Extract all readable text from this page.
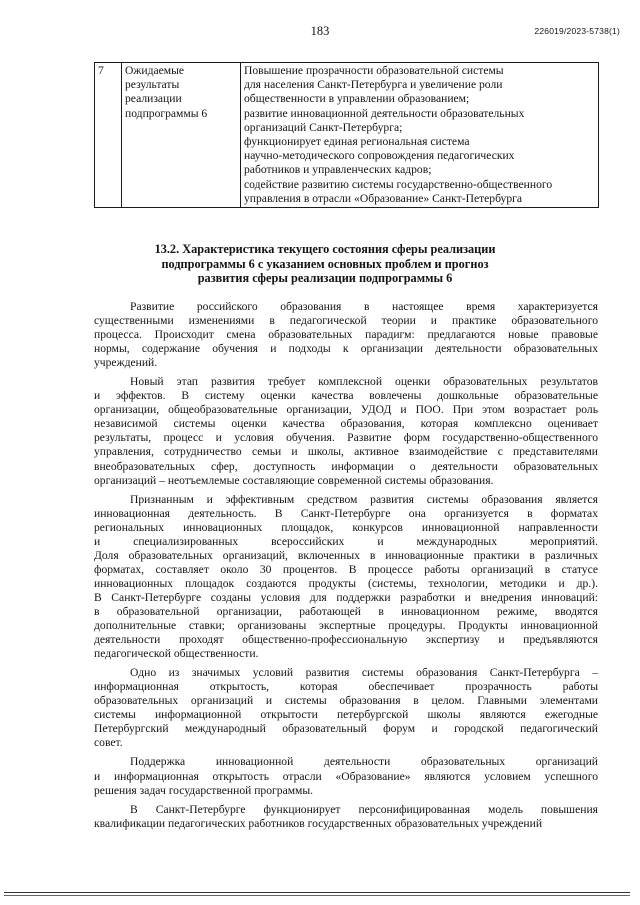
183	226019/2023-5738(1)
7	Ожидаемые
результаты
реализации
подпрограммы 6

Повышение прозрачности образовательной системы
для населения Санкт-Петербурга и увеличение роли
общественности в управлении образованием;
развитие инновационной деятельности образовательных
организаций Санкт-Петербурга;
функционирует единая региональная система
научно-методического сопровождения педагогических
работников и управленческих кадров;
содействие развитию системы государственно-общественного
управления в отрасли «Образование» Санкт-Петербурга
13.2. Характеристика текущего состояния сферы реализации
подпрограммы 6 с указанием основных проблем и прогноз
развития сферы реализации подпрограммы 6

Развитие российского образования в настоящее время характеризуется

существенными изменениями в педагогической теории и практике образовательного

процесса. Происходит смена образовательных парадигм: предлагаются новые правовые

нормы, содержание обучения и подходы к организации деятельности образовательных

учреждений.

Новый этап развития требует комплексной оценки образовательных результатов

и эффектов. В систему оценки качества вовлечены дошкольные образовательные

организации, общеобразовательные организации, УДОД и ПОО. При этом возрастает роль

независимой системы оценки качества образования, которая комплексно оценивает

результаты, процесс и условия обучения. Развитие форм государственно-общественного

управления, сотрудничество семьи и школы, активное взаимодействие с представителями

внеобразовательных сфер, доступность информации о деятельности образовательных

организаций – неотъемлемые составляющие современной системы образования.

Признанным и эффективным средством развития системы образования является

инновационная деятельность. В Санкт-Петербурге она организуется в форматах

региональных инновационных площадок, конкурсов инновационной направленности

и специализированных всероссийских и международных мероприятий.

Доля образовательных организаций, включенных в инновационные практики в различных

форматах, составляет около 30 процентов. В процессе работы организаций в статусе

инновационных площадок создаются продукты (системы, технологии, методики и др.).

В Санкт-Петербурге созданы условия для поддержки разработки и внедрения инноваций:

в образовательной организации, работающей в инновационном режиме, вводятся

дополнительные ставки; организованы экспертные процедуры. Продукты инновационной

деятельности проходят общественно-профессиональную экспертизу и предъявляются

педагогической общественности.

Одно из значимых условий развития системы образования Санкт-Петербурга –

информационная открытость, которая обеспечивает прозрачность работы

образовательных организаций и системы образования в целом. Главными элементами

системы информационной открытости петербургской школы являются ежегодные

Петербургский международный образовательный форум и городской педагогический

совет.

Поддержка инновационной деятельности образовательных организаций

и информационная открытость отрасли «Образование» являются условием успешного

решения задач государственной программы.

В Санкт-Петербурге функционирует персонифицированная модель повышения

квалификации педагогических работников государственных образовательных учреждений
